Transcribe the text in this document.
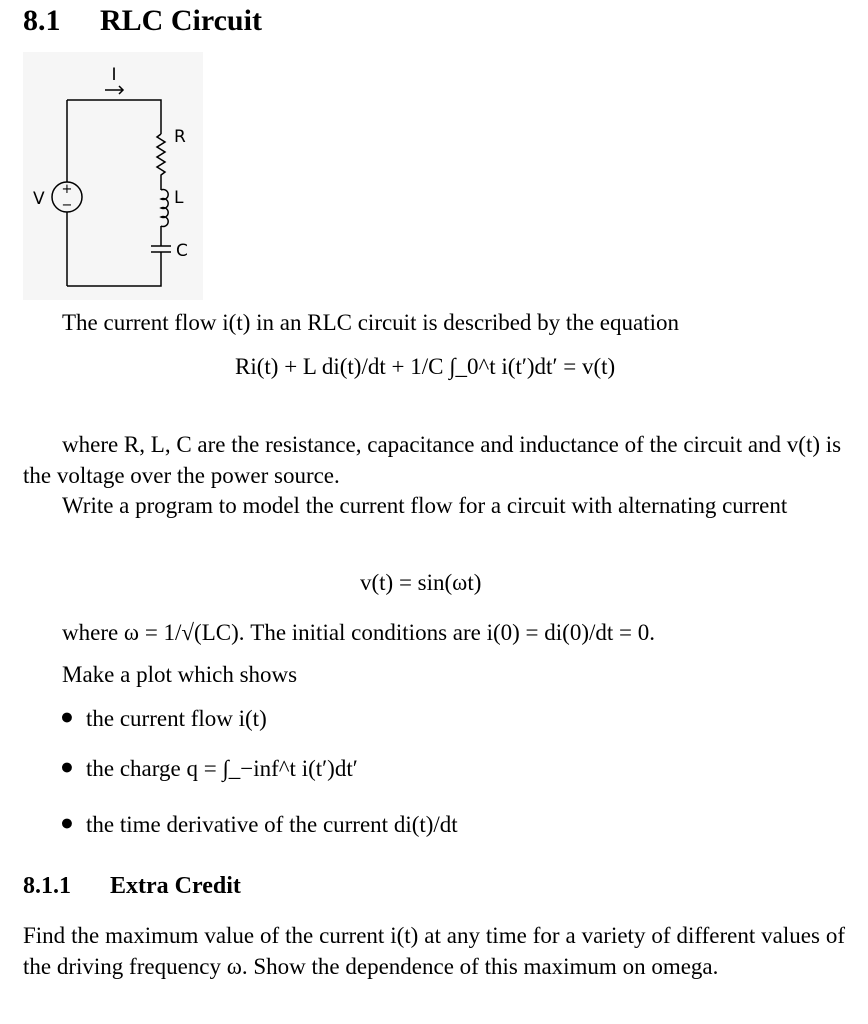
8.1 RLC Circuit
+
−
I
V
R
L
C
The current flow i(t) in an RLC circuit is described by the equation
Ri(t) + L di(t)/dt + 1/C ∫_0^t i(t′)dt′ = v(t)
where R, L, C are the resistance, capacitance and inductance of the circuit and v(t) is the voltage over the power source.
Write a program to model the current flow for a circuit with alternating current
v(t) = sin(ωt)
where ω = 1/√(LC). The initial conditions are i(0) = di(0)/dt = 0.
Make a plot which shows
● the current flow i(t)
● the charge q = ∫_−inf^t i(t′)dt′
● the time derivative of the current di(t)/dt
8.1.1 Extra Credit
Find the maximum value of the current i(t) at any time for a variety of different values of the driving frequency ω. Show the dependence of this maximum on omega.
